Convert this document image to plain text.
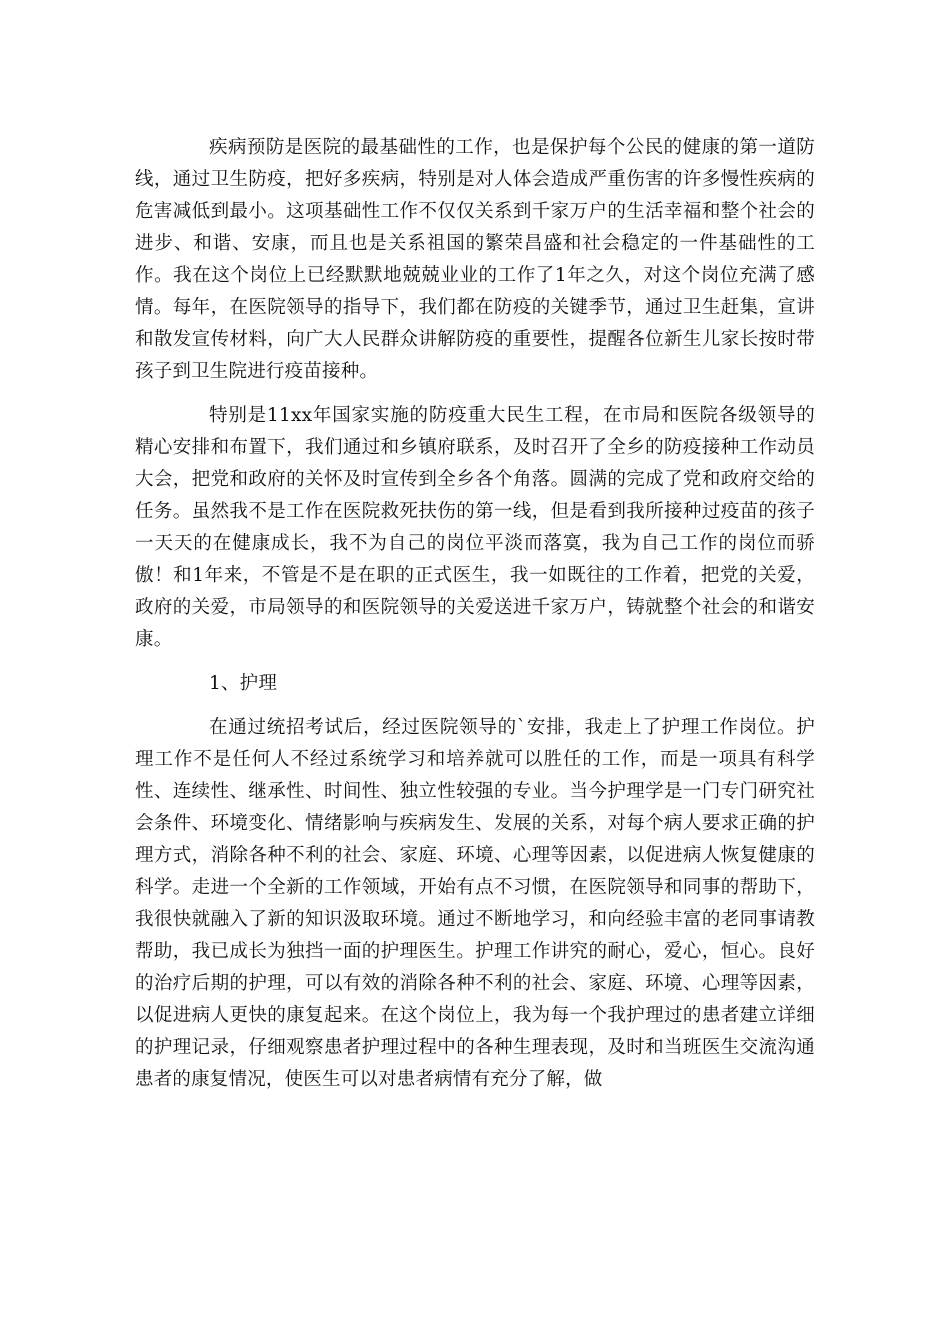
疾病预防是医院的最基础性的工作，也是保护每个公民的健康的第一道防线，通过卫生防疫，把好多疾病，特别是对人体会造成严重伤害的许多慢性疾病的危害减低到最小。这项基础性工作不仅仅关系到千家万户的生活幸福和整个社会的进步、和谐、安康，而且也是关系祖国的繁荣昌盛和社会稳定的一件基础性的工作。我在这个岗位上已经默默地兢兢业业的工作了1年之久，对这个岗位充满了感情。每年，在医院领导的指导下，我们都在防疫的关键季节，通过卫生赶集，宣讲和散发宣传材料，向广大人民群众讲解防疫的重要性，提醒各位新生儿家长按时带孩子到卫生院进行疫苗接种。

特别是11xx年国家实施的防疫重大民生工程，在市局和医院各级领导的精心安排和布置下，我们通过和乡镇府联系，及时召开了全乡的防疫接种工作动员大会，把党和政府的关怀及时宣传到全乡各个角落。圆满的完成了党和政府交给的任务。虽然我不是工作在医院救死扶伤的第一线，但是看到我所接种过疫苗的孩子一天天的在健康成长，我不为自己的岗位平淡而落寞，我为自己工作的岗位而骄傲！和1年来，不管是不是在职的正式医生，我一如既往的工作着，把党的关爱，政府的关爱，市局领导的和医院领导的关爱送进千家万户，铸就整个社会的和谐安康。

1、护理

在通过统招考试后，经过医院领导的`安排，我走上了护理工作岗位。护理工作不是任何人不经过系统学习和培养就可以胜任的工作，而是一项具有科学性、连续性、继承性、时间性、独立性较强的专业。当今护理学是一门专门研究社会条件、环境变化、情绪影响与疾病发生、发展的关系，对每个病人要求正确的护理方式，消除各种不利的社会、家庭、环境、心理等因素，以促进病人恢复健康的科学。走进一个全新的工作领域，开始有点不习惯，在医院领导和同事的帮助下，我很快就融入了新的知识汲取环境。通过不断地学习，和向经验丰富的老同事请教帮助，我已成长为独挡一面的护理医生。护理工作讲究的耐心，爱心，恒心。良好的治疗后期的护理，可以有效的消除各种不利的社会、家庭、环境、心理等因素，以促进病人更快的康复起来。在这个岗位上，我为每一个我护理过的患者建立详细的护理记录，仔细观察患者护理过程中的各种生理表现，及时和当班医生交流沟通患者的康复情况，使医生可以对患者病情有充分了解，做
